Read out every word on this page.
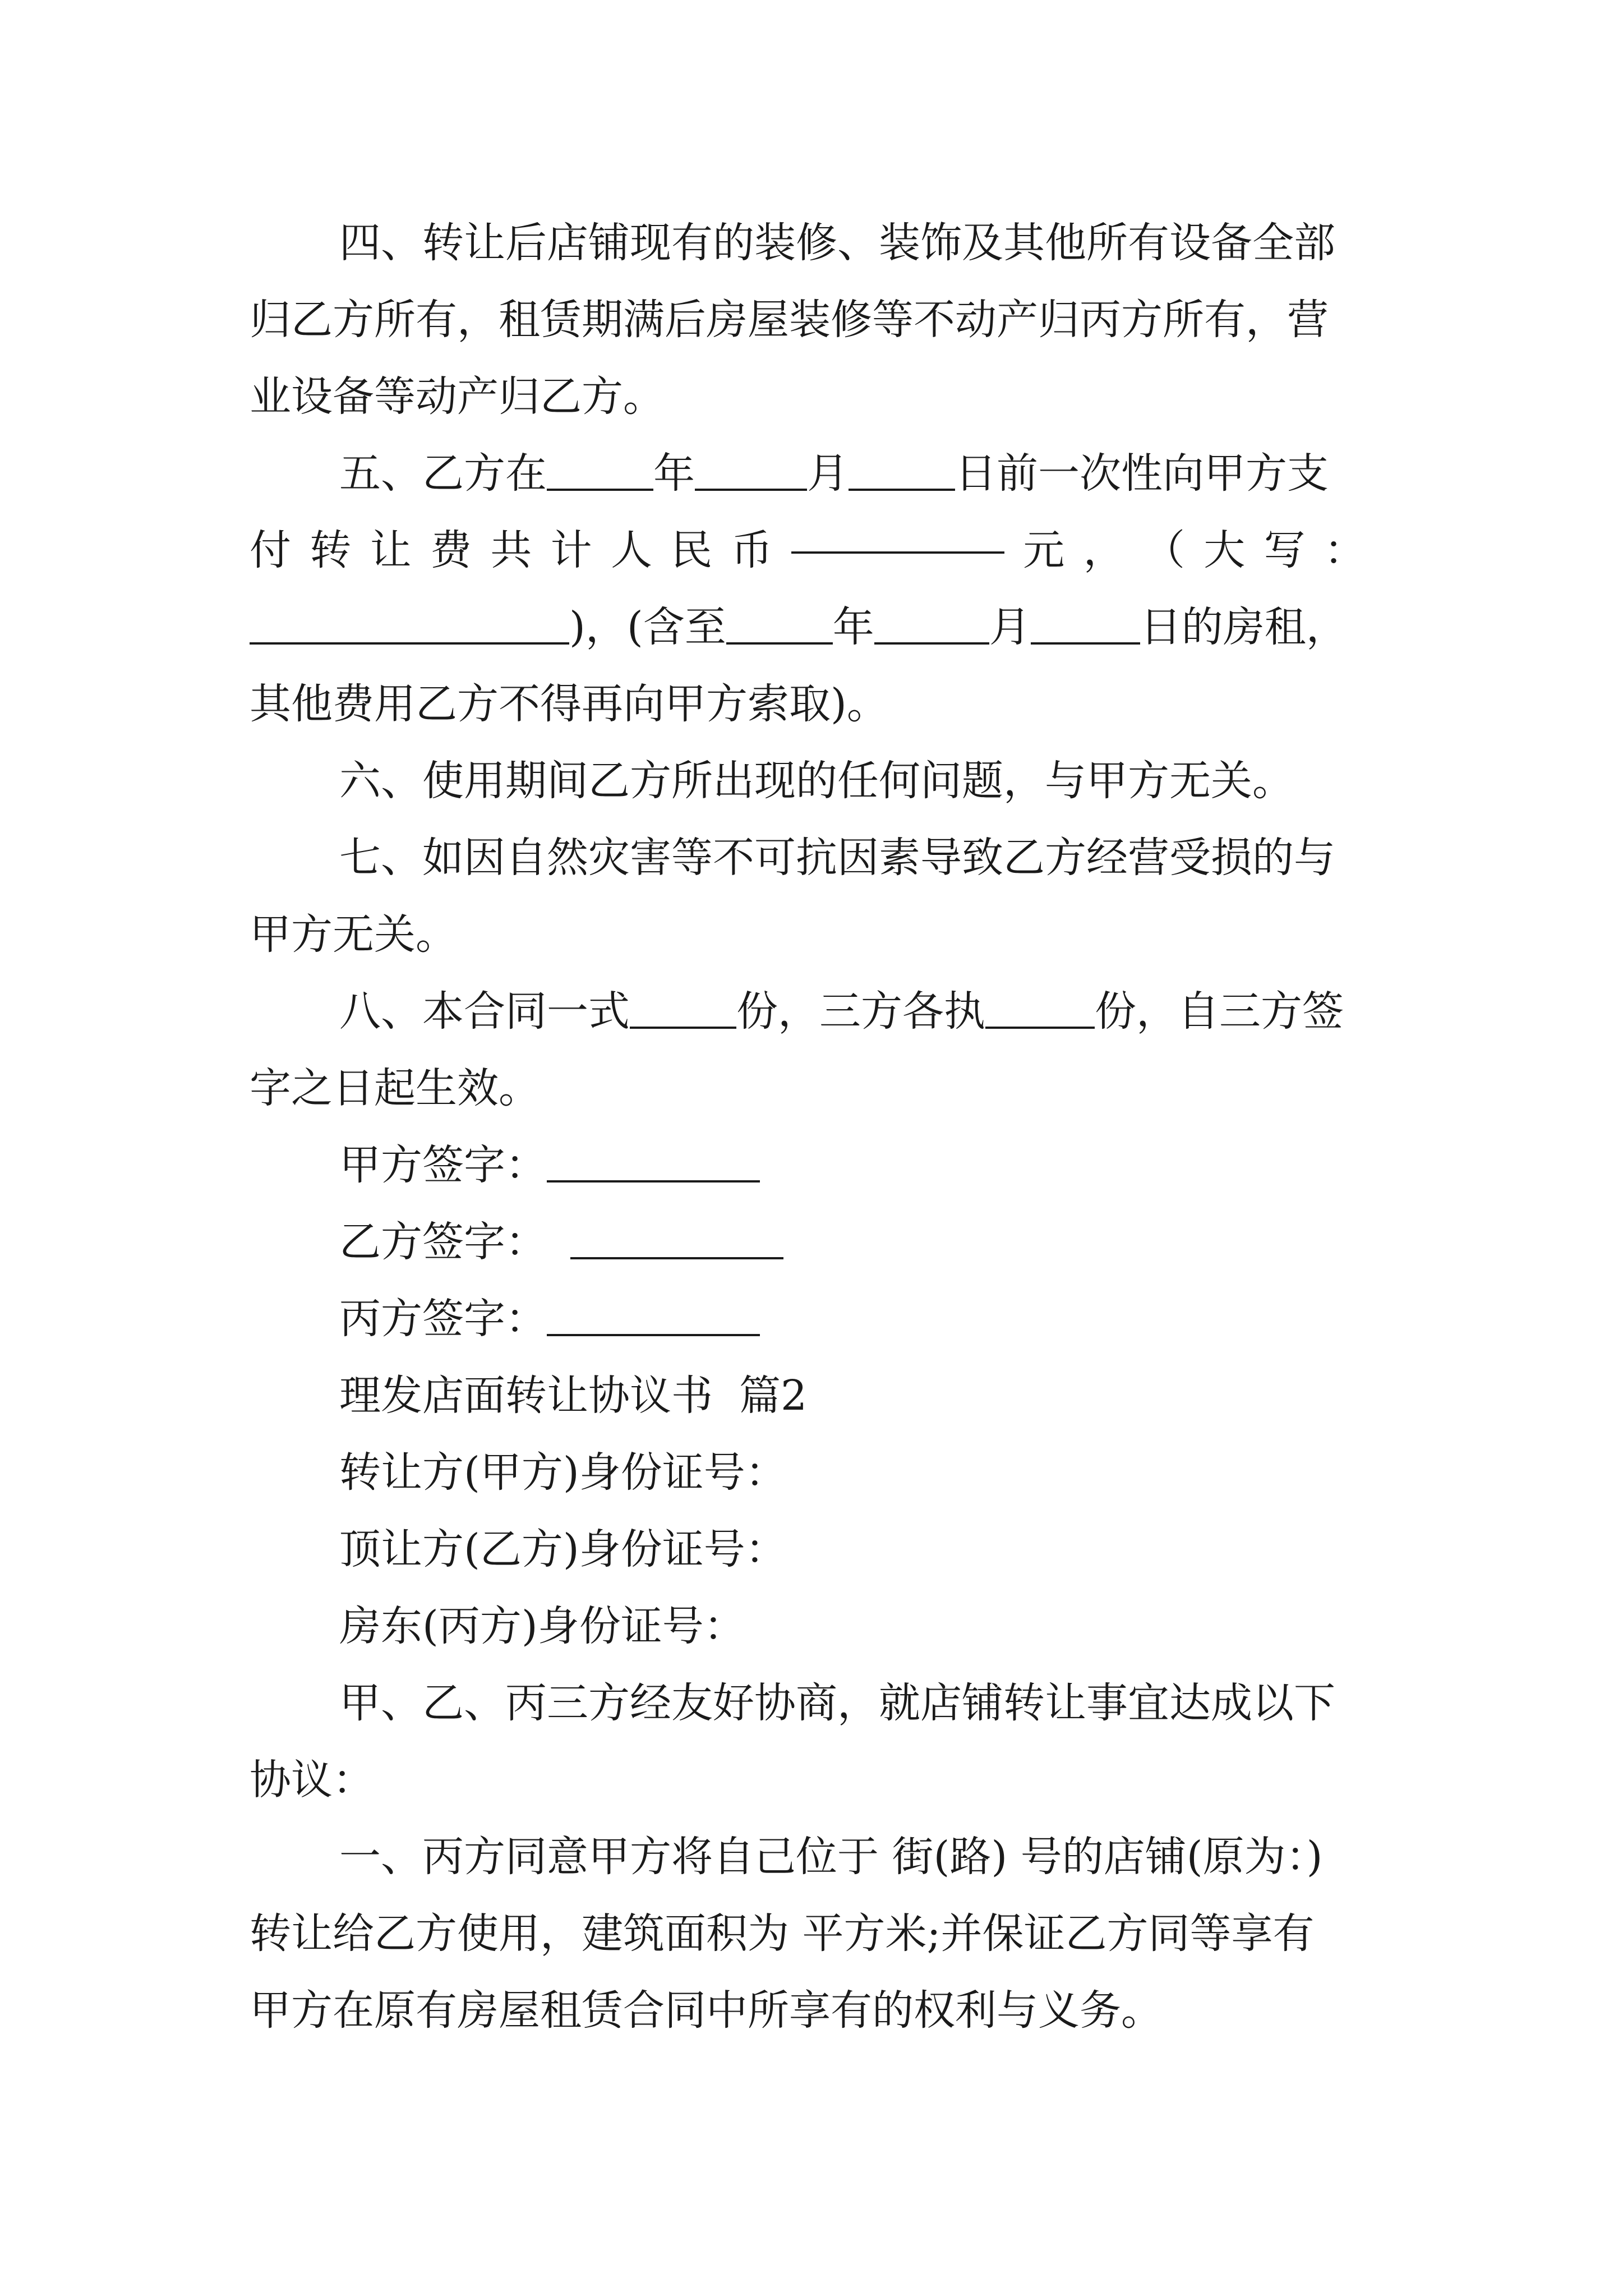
四、转让后店铺现有的装修、装饰及其他所有设备全部
归乙方所有，租赁期满后房屋装修等不动产归丙方所有，营
业设备等动产归乙方。
五、乙方在	年	月	日前一次性向甲方支
付 转 让 费 共 计 人 民 币	元 ， （ 大 写 ：
)，(含至	年	月	日的房租，
其他费用乙方不得再向甲方索取)。
六、使用期间乙方所出现的任何问题，与甲方无关。
七、如因自然灾害等不可抗因素导致乙方经营受损的与
甲方无关。
八、本合同一式	份，三方各执	份，自三方签
字之日起生效。
甲方签字：
乙方签字：
丙方签字：
理发店面转让协议书  篇2
转让方(甲方)身份证号：
顶让方(乙方)身份证号：
房东(丙方)身份证号：
甲、乙、丙三方经友好协商，就店铺转让事宜达成以下
协议：
一、丙方同意甲方将自己位于 街(路) 号的店铺(原为：)
转让给乙方使用，建筑面积为 平方米;并保证乙方同等享有
甲方在原有房屋租赁合同中所享有的权利与义务。
